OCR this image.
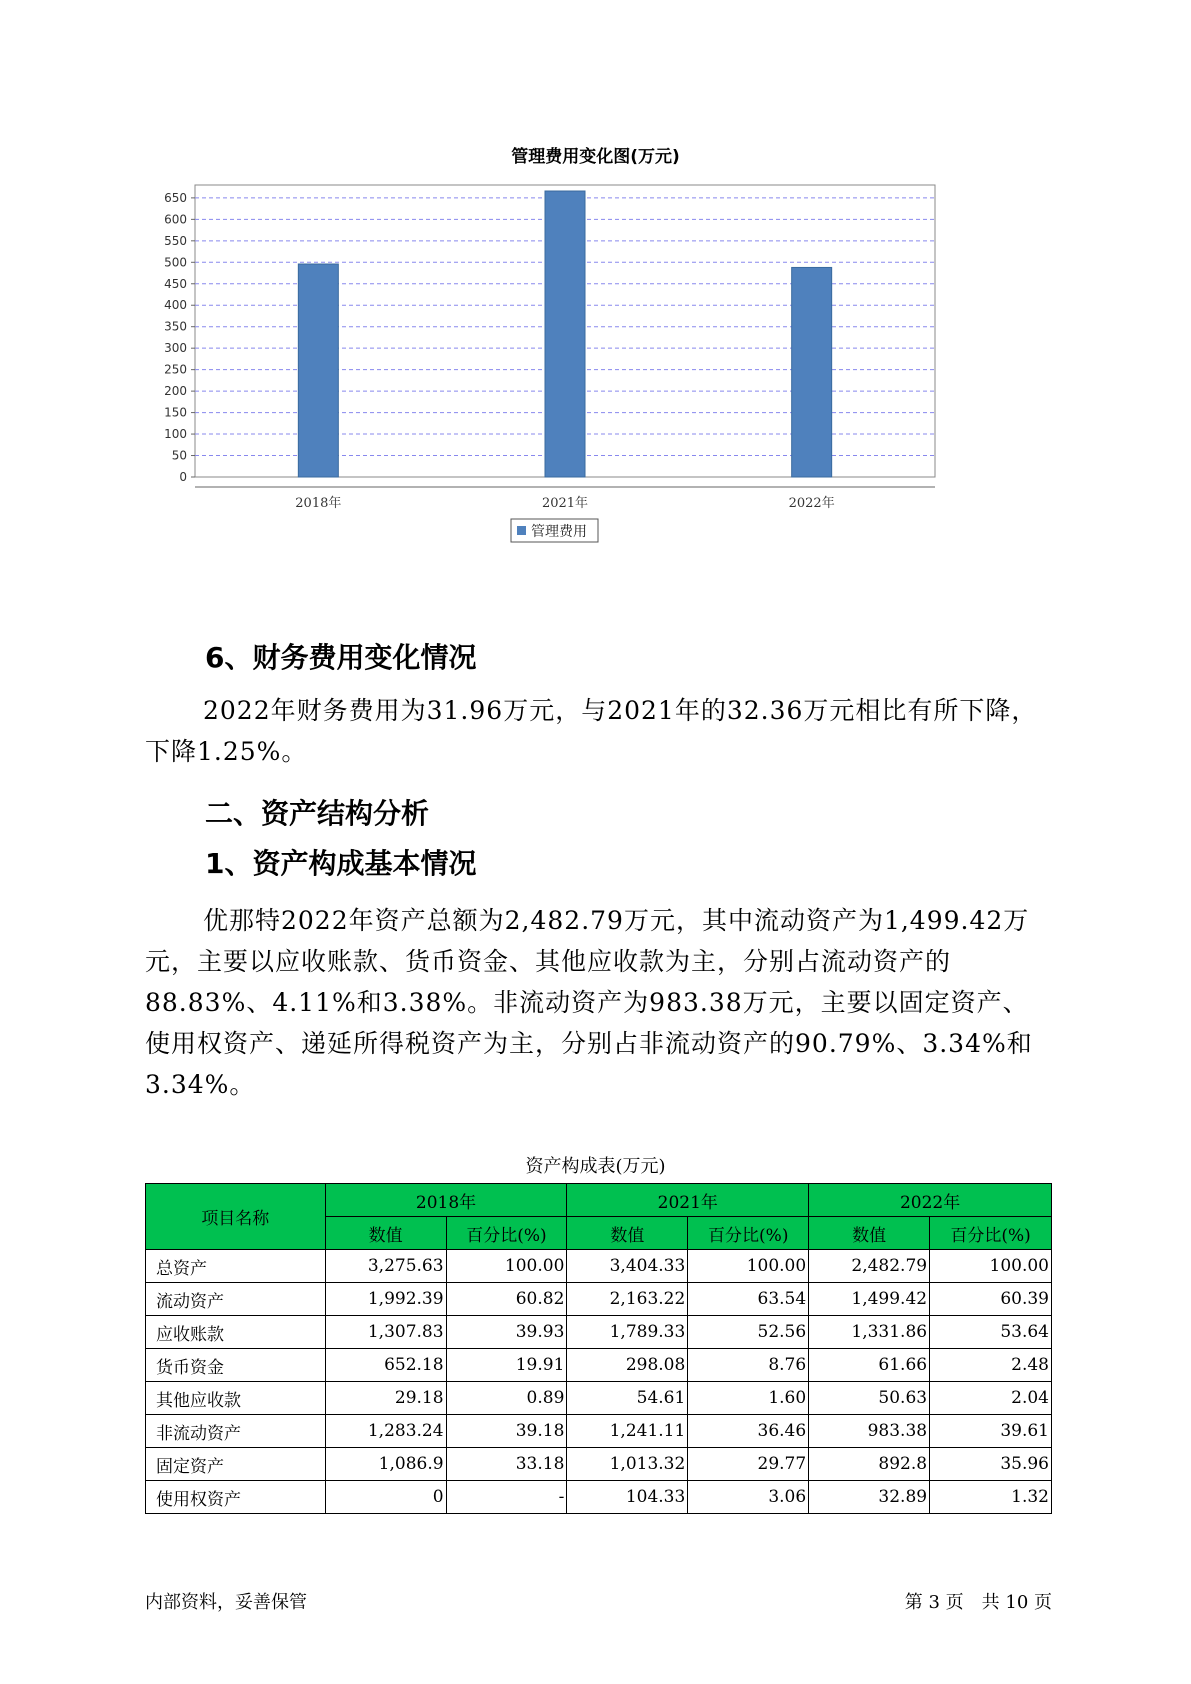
管理费用变化图(万元)
0
50
100
150
200
250
300
350
400
450
500
550
600
650
2018年	2021年	2022年
管理费用
6、财务费用变化情况
2022年财务费用为31.96万元，与2021年的32.36万元相比有所下降，下降1.25%。
二、资产结构分析
1、资产构成基本情况
优那特2022年资产总额为2,482.79万元，其中流动资产为1,499.42万元，主要以应收账款、货币资金、其他应收款为主，分别占流动资产的88.83%、4.11%和3.38%。非流动资产为983.38万元，主要以固定资产、使用权资产、递延所得税资产为主，分别占非流动资产的90.79%、3.34%和3.34%。
资产构成表(万元)
项目名称	2018年		2021年		2022年	
	数值	百分比(%)	数值	百分比(%)	数值	百分比(%)
总资产	3,275.63	100.00	3,404.33	100.00	2,482.79	100.00
流动资产	1,992.39	60.82	2,163.22	63.54	1,499.42	60.39
应收账款	1,307.83	39.93	1,789.33	52.56	1,331.86	53.64
货币资金	652.18	19.91	298.08	8.76	61.66	2.48
其他应收款	29.18	0.89	54.61	1.60	50.63	2.04
非流动资产	1,283.24	39.18	1,241.11	36.46	983.38	39.61
固定资产	1,086.9	33.18	1,013.32	29.77	892.8	35.96
使用权资产	0	-	104.33	3.06	32.89	1.32
内部资料，妥善保管	第 3 页　共 10 页
